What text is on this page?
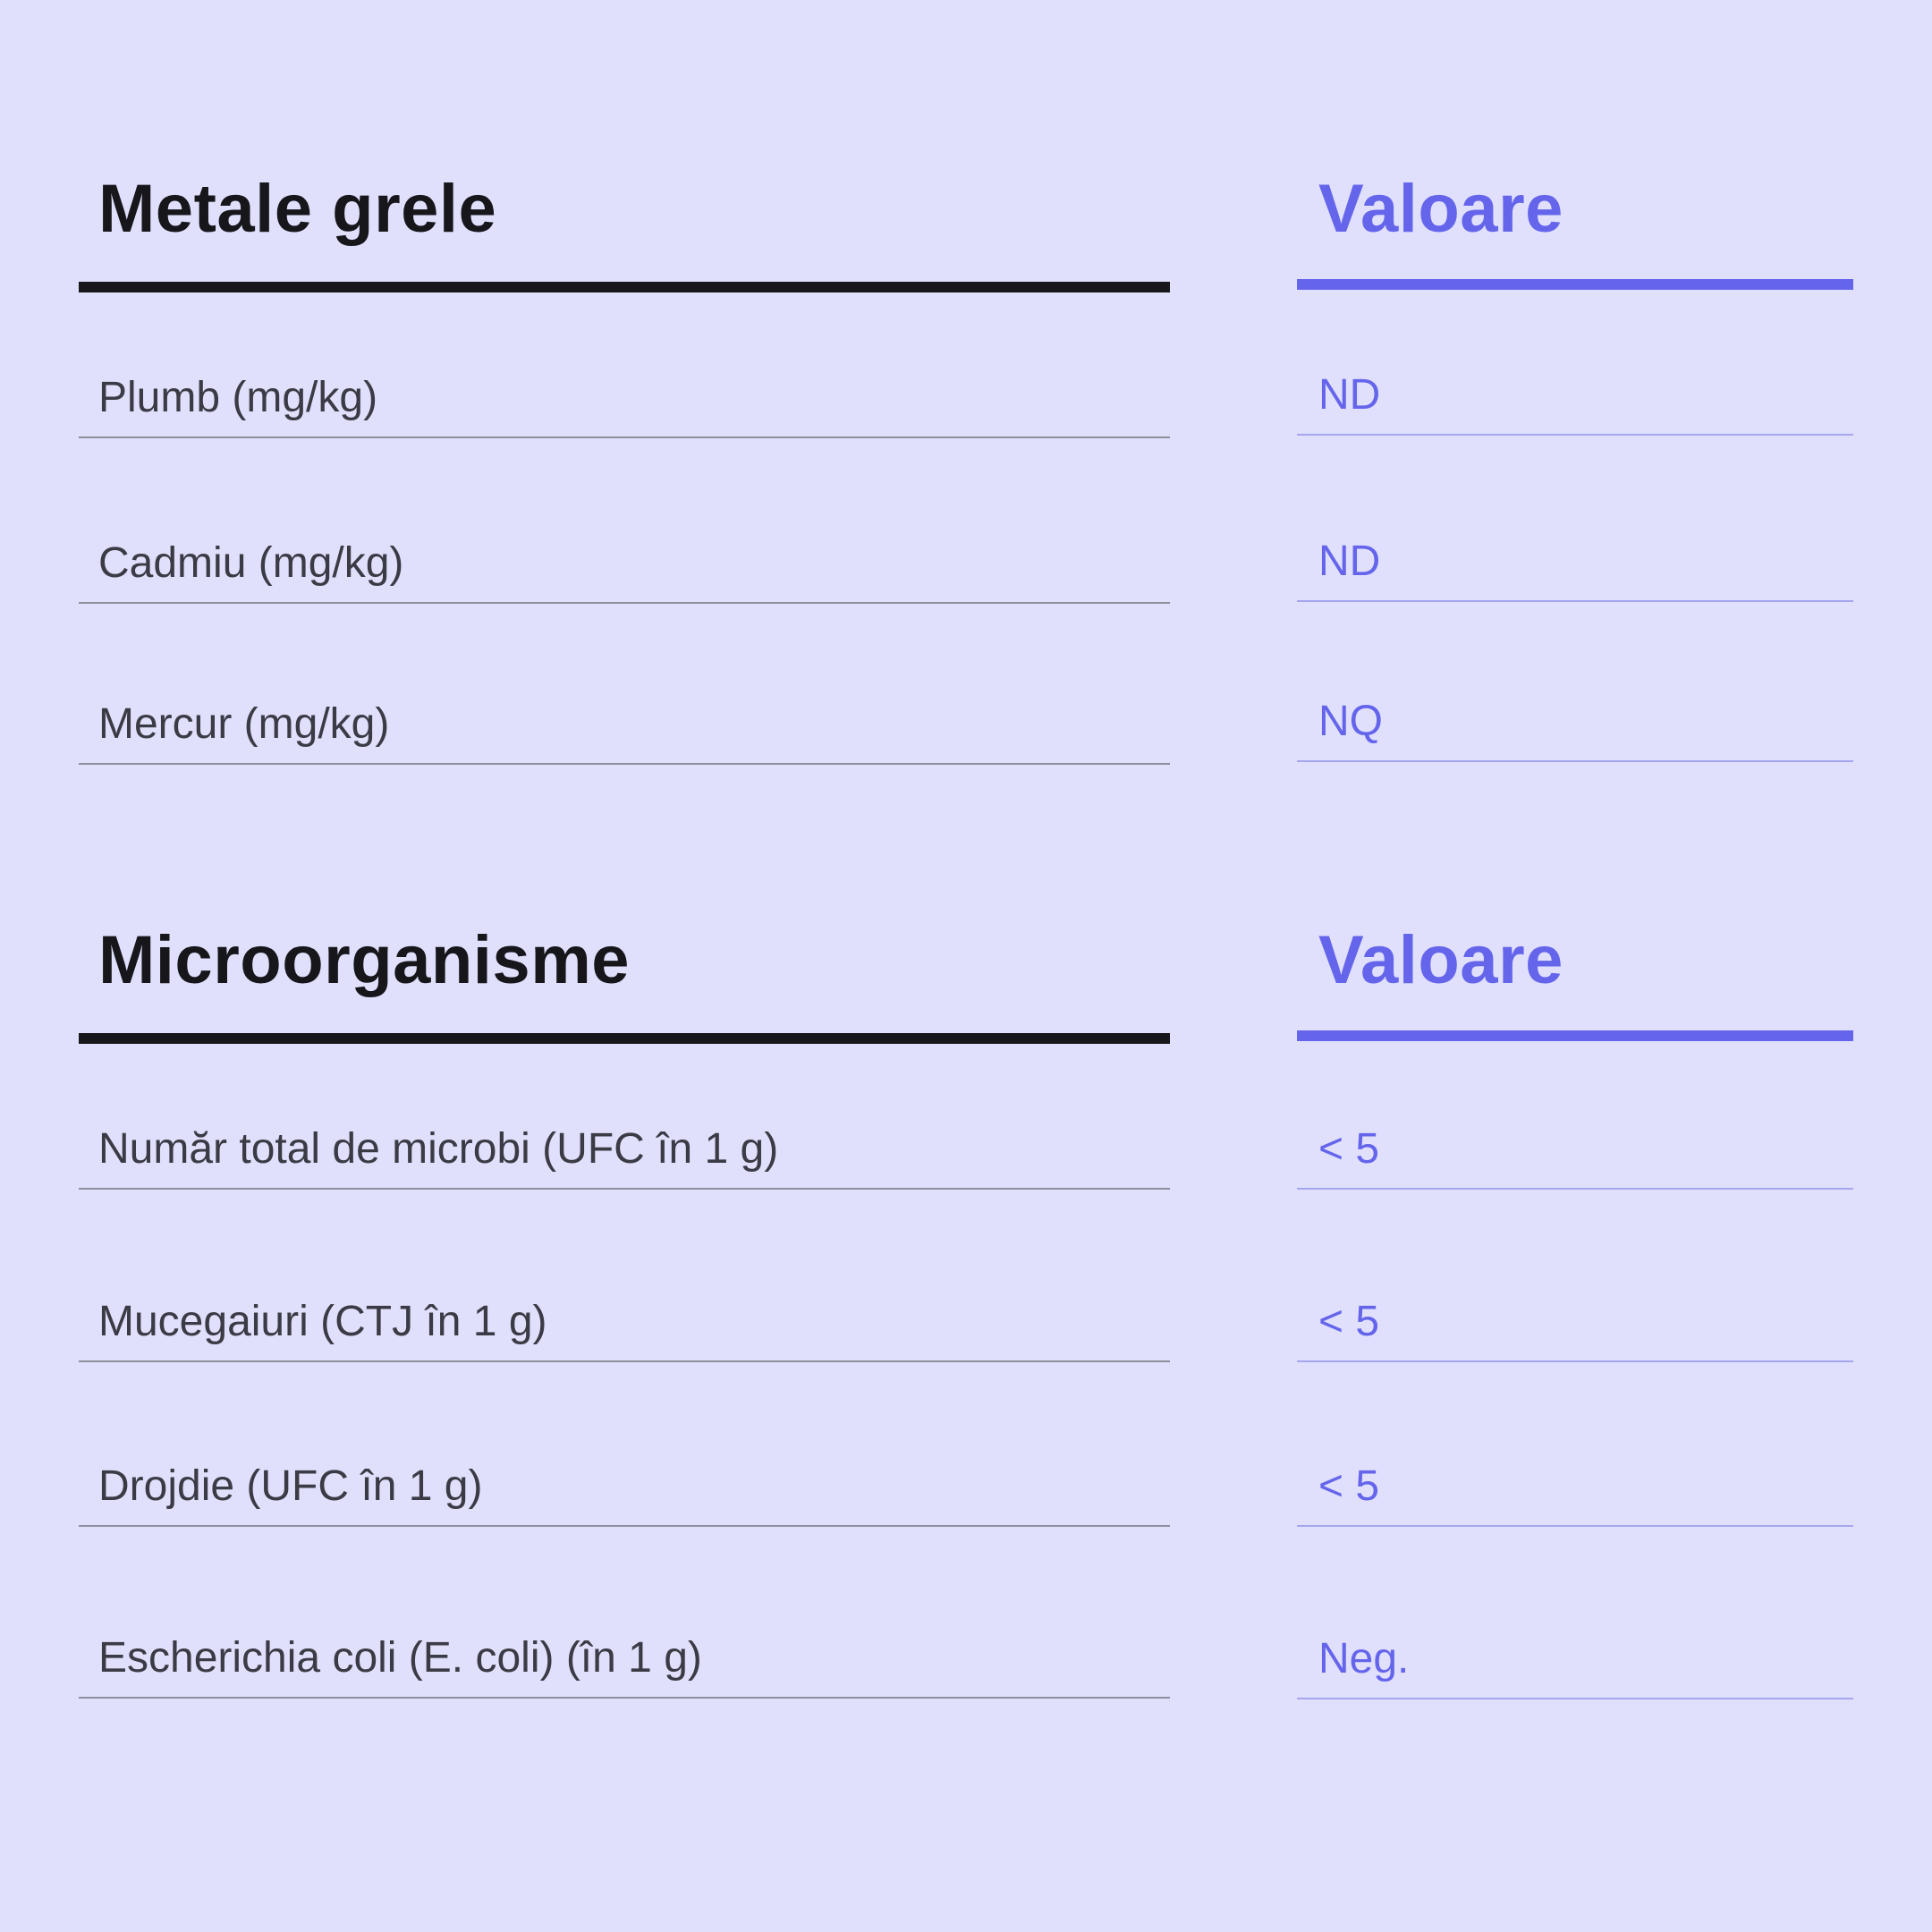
Metale grele
Plumb (mg/kg)
Cadmiu (mg/kg)
Mercur (mg/kg)
Valoare
ND
ND
NQ
Microorganisme
Număr total de microbi (UFC în 1 g)
Mucegaiuri (CTJ în 1 g)
Drojdie (UFC în 1 g)
Escherichia coli (E. coli) (în 1 g)
Valoare
< 5
< 5
< 5
Neg.
